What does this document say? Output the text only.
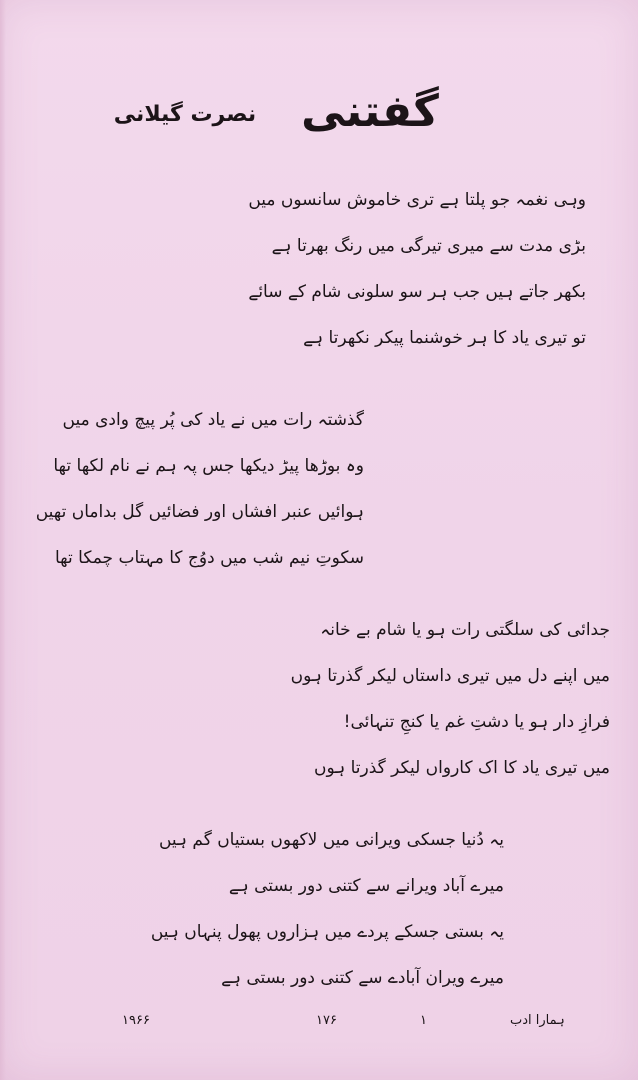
گفتنی
نصرت گیلانی
وہی نغمہ جو پلتا ہے تری خاموش سانسوں میں
بڑی مدت سے میری تیرگی میں رنگ بھرتا ہے
بکھر جاتے ہیں جب ہر سو سلونی شام کے سائے
تو تیری یاد کا ہر خوشنما پیکر نکھرتا ہے
گذشتہ رات میں نے یاد کی پُر پیچ وادی میں
وہ بوڑھا پیڑ دیکھا جس پہ ہم نے نام لکھا تھا
ہوائیں عنبر افشاں اور فضائیں گل بداماں تھیں
سکوتِ نیم شب میں دوُج کا مہتاب چمکا تھا
جدائی کی سلگتی رات ہو یا شام بے خانہ
میں اپنے دل میں تیری داستاں لیکر گذرتا ہوں
فرازِ دار ہو یا دشتِ غم یا کنجِ تنہائی!
میں تیری یاد کا اک کارواں لیکر گذرتا ہوں
یہ دُنیا جسکی ویرانی میں لاکھوں بستیاں گم ہیں
میرے آباد ویرانے سے کتنی دور بستی ہے
یہ بستی جسکے پردے میں ہزاروں پھول پنہاں ہیں
میرے ویران آبادے سے کتنی دور بستی ہے
۱۹۶۶	۱۷۶	۱	ہمارا ادب
